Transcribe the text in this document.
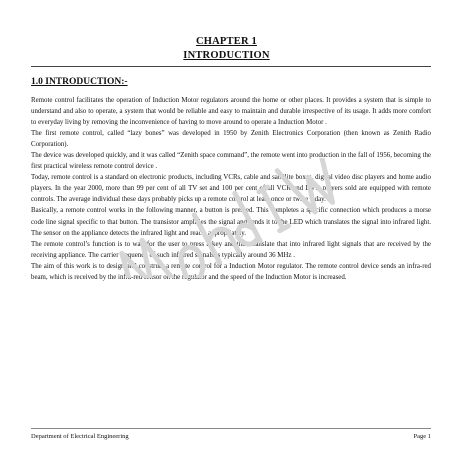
CHAPTER 1
INTRODUCTION
1.0 INTRODUCTION:-

Remote control facilitates the operation of Induction Motor regulators around the home or other places. It provides a system that is simple to understand and also to operate, a system that would be reliable and easy to maintain and durable irrespective of its usage. It adds more comfort to everyday living by removing the inconvenience of having to move around to operate a Induction Motor .

The first remote control, called “lazy bones” was developed in 1950 by Zenith Electronics Corporation (then known as Zenith Radio Corporation).

The device was developed quickly, and it was called “Zenith space command”, the remote went into production in the fall of 1956, becoming the first practical wireless remote control device .

Today, remote control is a standard on electronic products, including VCRs, cable and satellite boxes, digital video disc players and home audio players. In the year 2000, more than 99 per cent of all TV set and 100 per cent of all VCR and DVD players sold are equipped with remote controls. The average individual these days probably picks up a remote control at least once or twice a day.

Basically, a remote control works in the following manner, a button is pressed. This completes a specific connection which produces a morse code line signal specific to that button. The transistor amplifies the signal and sends it to the LED which translates the signal into infrared light. The sensor on the appliance detects the infrared light and reacts appropriately.

The remote control’s function is to wait for the user to press a key and then translate that into infrared light signals that are received by the receiving appliance. The carrier frequency of such infrared signals is typically around 36 MHz .

The aim of this work is to design and construct a remote control for a Induction Motor regulator. The remote control device sends an infra-red beam, which is received by the infra-red sensor on the regulator and the speed of the Induction Motor is increased.

Department of Electrical Engineering	Page 1
